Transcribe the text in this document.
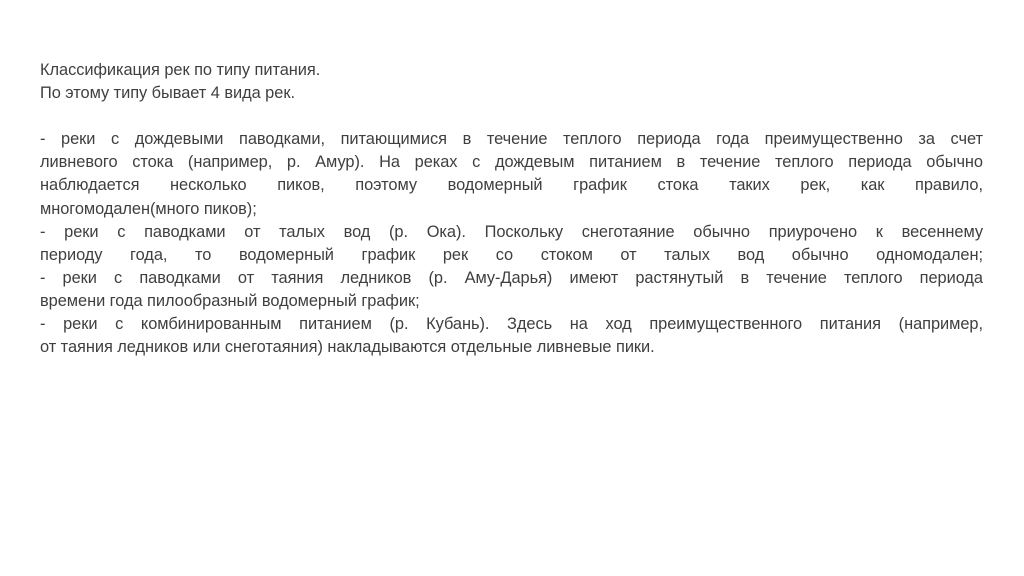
Классификация рек по типу питания.
По этому типу бывает 4 вида рек.
- реки с дождевыми паводками, питающимися в течение теплого периода года преимущественно за счет
ливневого стока (например, р. Амур). На реках с дождевым питанием в течение теплого периода обычно
наблюдается несколько пиков, поэтому водомерный график стока таких рек, как правило,
многомодален(много пиков);
- реки с паводками от талых вод (р. Ока). Поскольку снеготаяние обычно приурочено к весеннему
периоду года, то водомерный график рек со стоком от талых вод обычно одномодален;
- реки с паводками от таяния ледников (р. Аму-Дарья) имеют растянутый в течение теплого периода
времени года пилообразный водомерный график;
- реки с комбинированным питанием (р. Кубань). Здесь на ход преимущественного питания (например,
от таяния ледников или снеготаяния) накладываются отдельные ливневые пики.
